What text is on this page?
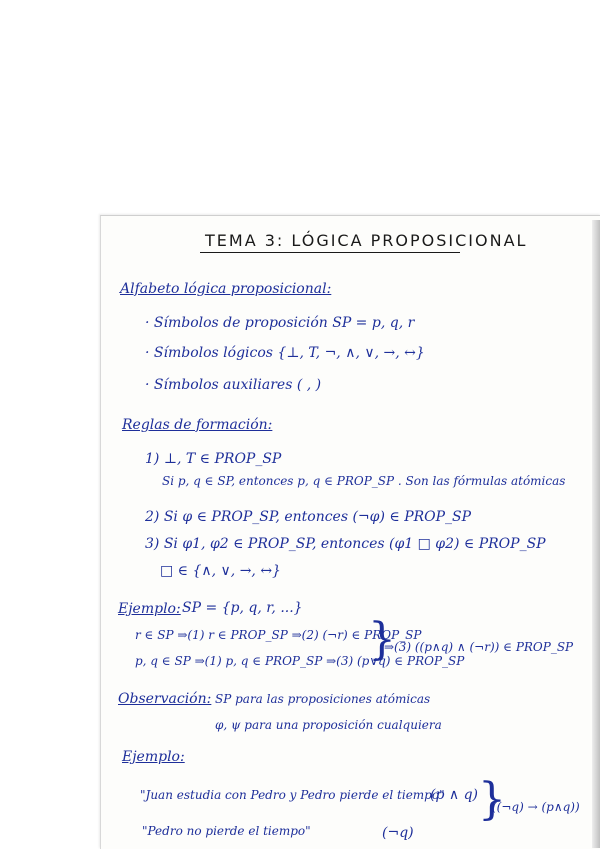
TEMA 3: LÓGICA PROPOSICIONAL
Alfabeto lógica proposicional:
· Símbolos de proposición SP = p, q, r
· Símbolos lógicos {⊥, T, ¬, ∧, ∨, →, ↔}
· Símbolos auxiliares ( , )
Reglas de formación:
1) ⊥, T ∈ PROP_SP
Si p, q ∈ SP, entonces p, q ∈ PROP_SP . Son las fórmulas atómicas
2) Si φ ∈ PROP_SP, entonces (¬φ) ∈ PROP_SP
3) Si φ1, φ2 ∈ PROP_SP, entonces (φ1 □ φ2) ∈ PROP_SP
□ ∈ {∧, ∨, →, ↔}
Ejemplo: SP = {p, q, r, ...}
r ∈ SP ⇒(1) r ∈ PROP_SP ⇒(2) (¬r) ∈ PROP_SP
p, q ∈ SP ⇒(1) p, q ∈ PROP_SP ⇒(3) (p∨q) ∈ PROP_SP
}
⇒(3) ((p∧q) ∧ (¬r)) ∈ PROP_SP
Observación: SP para las proposiciones atómicas
φ, ψ para una proposición cualquiera
Ejemplo:
"Juan estudia con Pedro y Pedro pierde el tiempo"
(p ∧ q)
"Pedro no pierde el tiempo"	(¬q)
}
((¬q) → (p∧q))
